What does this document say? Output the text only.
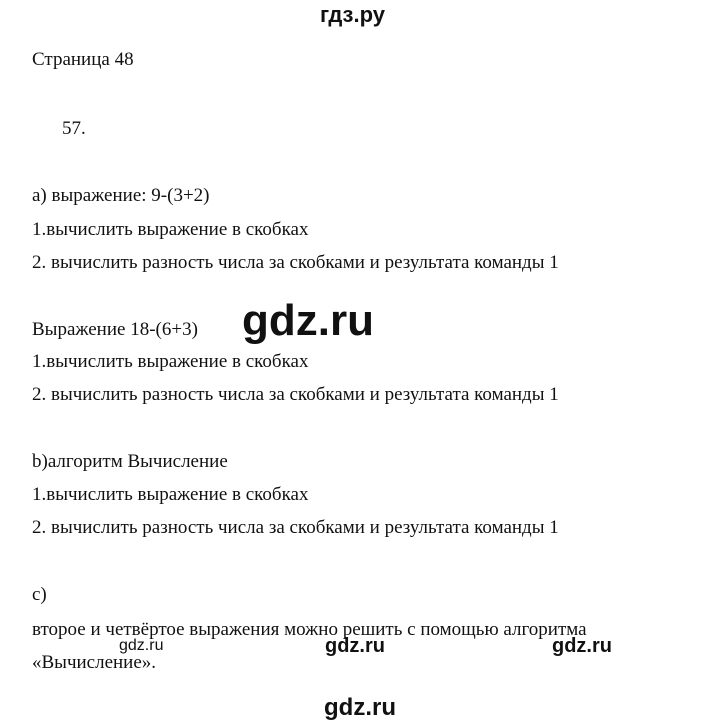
гдз.ру
gdz.ru
gdz.ru	gdz.ru	gdz.ru
gdz.ru
Страница 48
57.
a) выражение: 9-(3+2)
1.вычислить выражение в скобках
2. вычислить разность числа за скобками и результата команды 1
Выражение 18-(6+3)
1.вычислить выражение в скобках
2. вычислить разность числа за скобками и результата команды 1
b)алгоритм Вычисление
1.вычислить выражение в скобках
2. вычислить разность числа за скобками и результата команды 1
c)
второе и четвёртое выражения можно решить с помощью алгоритма
«Вычисление».
